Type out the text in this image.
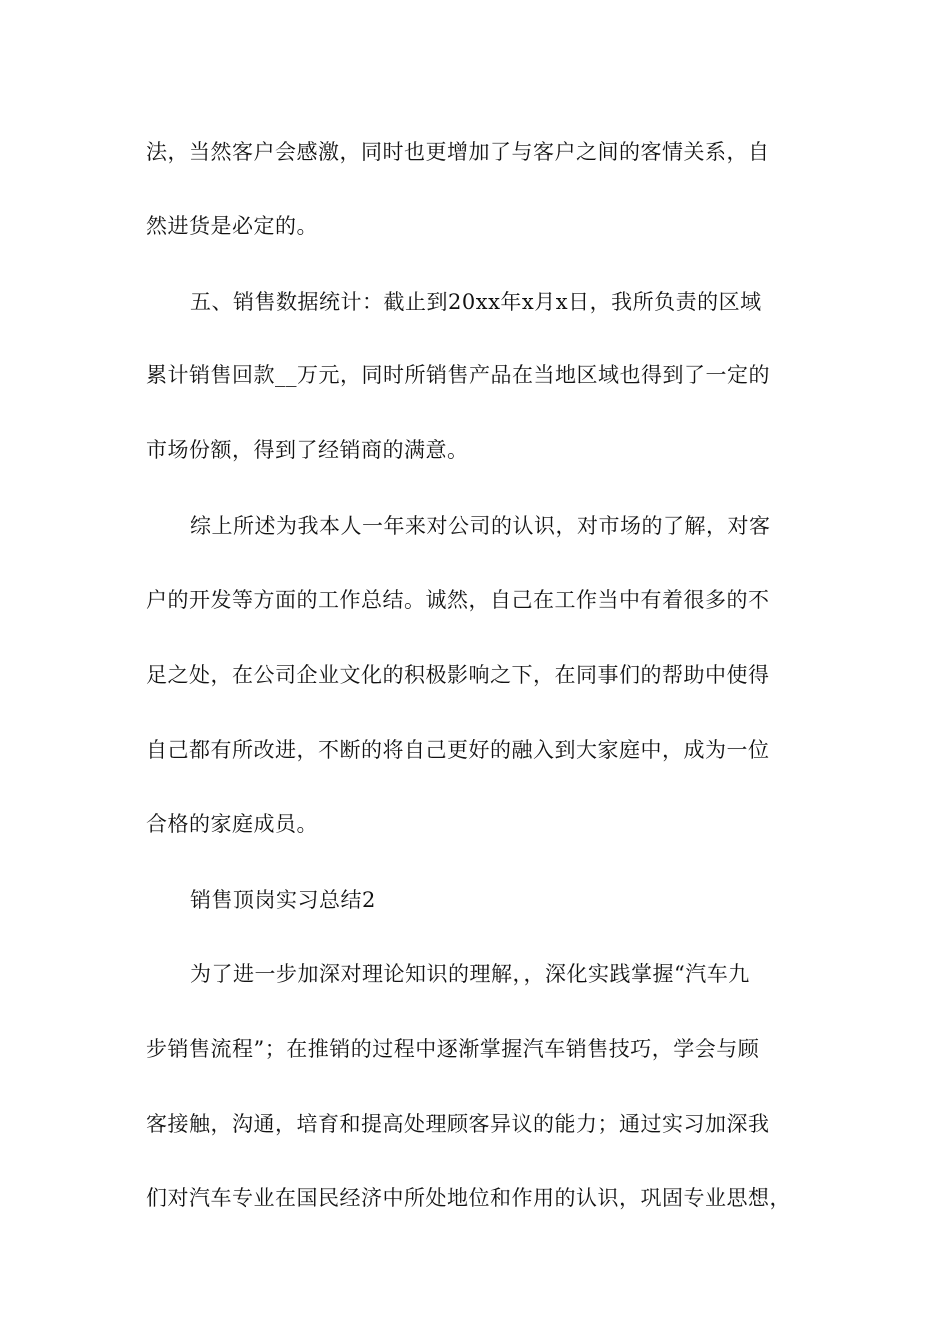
法，当然客户会感激，同时也更增加了与客户之间的客情关系，自
然进货是必定的。
五、销售数据统计：截止到20xx年x月x日，我所负责的区域
累计销售回款__万元，同时所销售产品在当地区域也得到了一定的
市场份额，得到了经销商的满意。
综上所述为我本人一年来对公司的认识，对市场的了解，对客
户的开发等方面的工作总结。诚然，自己在工作当中有着很多的不
足之处，在公司企业文化的积极影响之下，在同事们的帮助中使得
自己都有所改进，不断的将自己更好的融入到大家庭中，成为一位
合格的家庭成员。
销售顶岗实习总结2
为了进一步加深对理论知识的理解，，深化实践掌握“汽车九
步销售流程”；在推销的过程中逐渐掌握汽车销售技巧，学会与顾
客接触，沟通，培育和提高处理顾客异议的能力；通过实习加深我
们对汽车专业在国民经济中所处地位和作用的认识，巩固专业思想，
